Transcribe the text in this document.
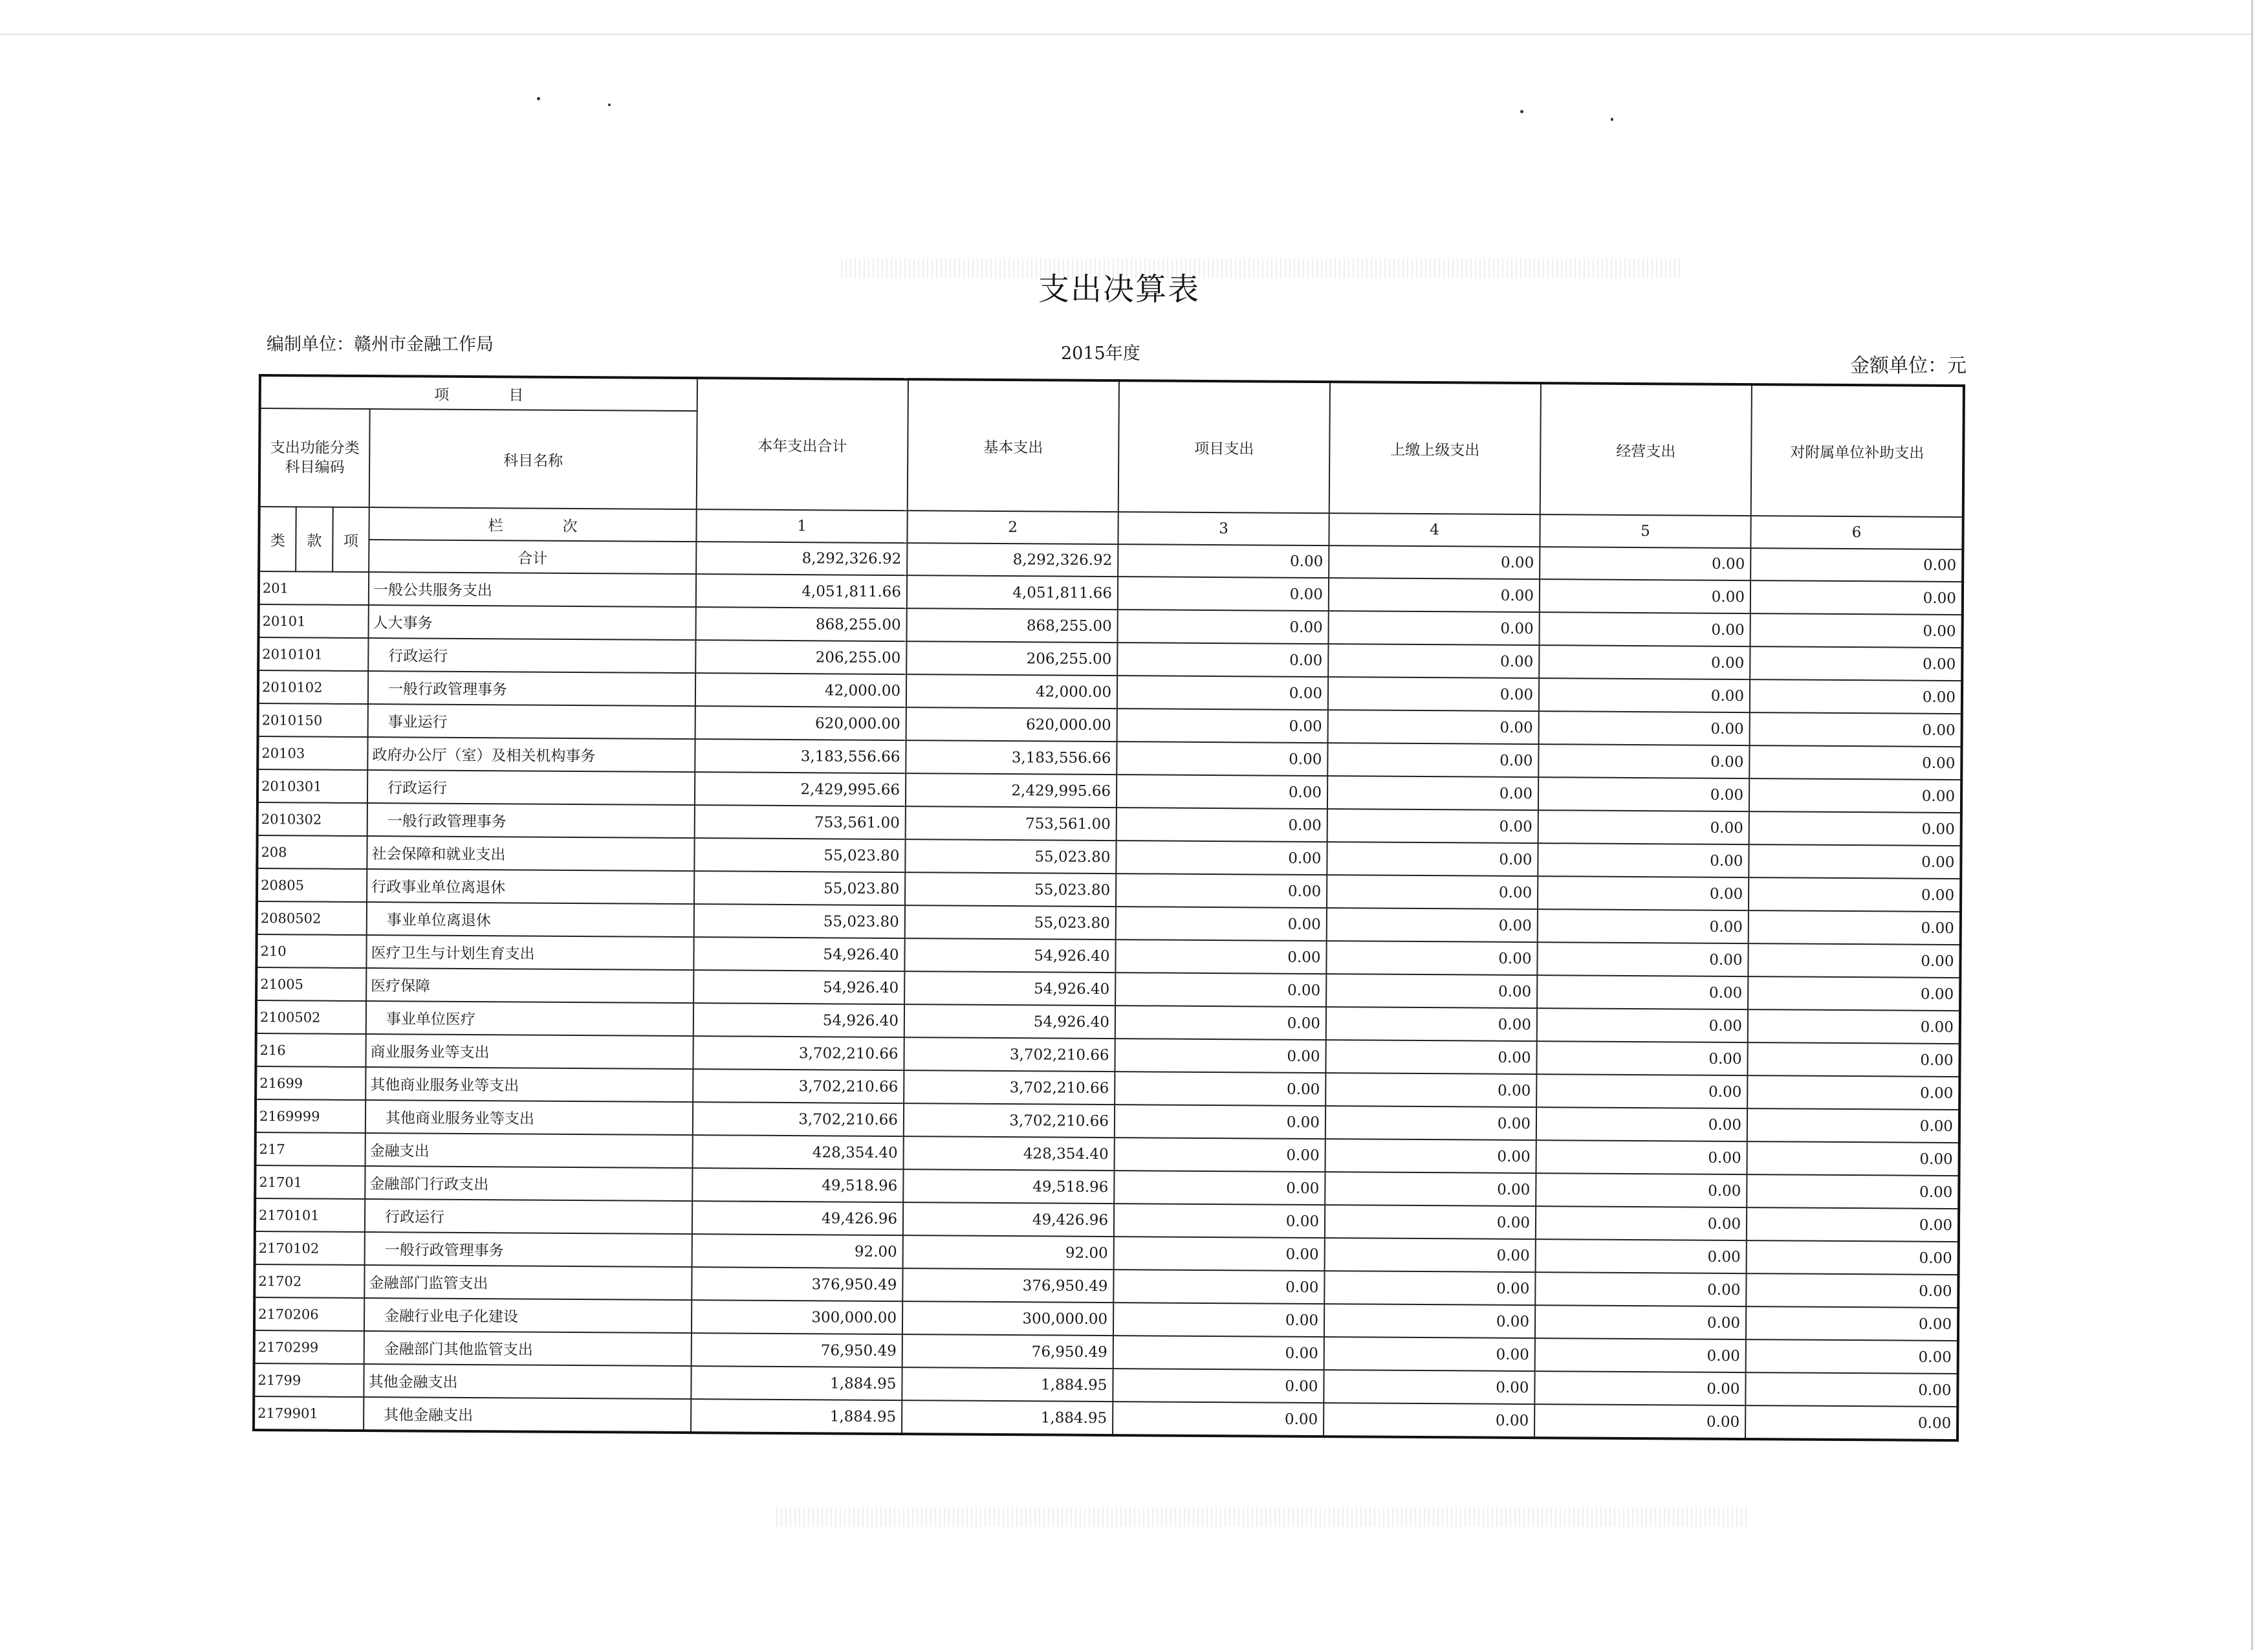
支出决算表
编制单位：赣州市金融工作局	2015年度
金额单位：元
项　　　　目				本年支出合计	基本支出	项目支出	上缴上级支出	经营支出	对附属单位补助支出
支出功能分类科目编码			科目名称						
类	款	项	栏　　　　次	1	2	3	4	5	6
			合计	8,292,326.92	8,292,326.92	0.00	0.00	0.00	0.00
201			一般公共服务支出	4,051,811.66	4,051,811.66	0.00	0.00	0.00	0.00
20101			人大事务	868,255.00	868,255.00	0.00	0.00	0.00	0.00
2010101			行政运行	206,255.00	206,255.00	0.00	0.00	0.00	0.00
2010102			一般行政管理事务	42,000.00	42,000.00	0.00	0.00	0.00	0.00
2010150			事业运行	620,000.00	620,000.00	0.00	0.00	0.00	0.00
20103			政府办公厅（室）及相关机构事务	3,183,556.66	3,183,556.66	0.00	0.00	0.00	0.00
2010301			行政运行	2,429,995.66	2,429,995.66	0.00	0.00	0.00	0.00
2010302			一般行政管理事务	753,561.00	753,561.00	0.00	0.00	0.00	0.00
208			社会保障和就业支出	55,023.80	55,023.80	0.00	0.00	0.00	0.00
20805			行政事业单位离退休	55,023.80	55,023.80	0.00	0.00	0.00	0.00
2080502			事业单位离退休	55,023.80	55,023.80	0.00	0.00	0.00	0.00
210			医疗卫生与计划生育支出	54,926.40	54,926.40	0.00	0.00	0.00	0.00
21005			医疗保障	54,926.40	54,926.40	0.00	0.00	0.00	0.00
2100502			事业单位医疗	54,926.40	54,926.40	0.00	0.00	0.00	0.00
216			商业服务业等支出	3,702,210.66	3,702,210.66	0.00	0.00	0.00	0.00
21699			其他商业服务业等支出	3,702,210.66	3,702,210.66	0.00	0.00	0.00	0.00
2169999			其他商业服务业等支出	3,702,210.66	3,702,210.66	0.00	0.00	0.00	0.00
217			金融支出	428,354.40	428,354.40	0.00	0.00	0.00	0.00
21701			金融部门行政支出	49,518.96	49,518.96	0.00	0.00	0.00	0.00
2170101			行政运行	49,426.96	49,426.96	0.00	0.00	0.00	0.00
2170102			一般行政管理事务	92.00	92.00	0.00	0.00	0.00	0.00
21702			金融部门监管支出	376,950.49	376,950.49	0.00	0.00	0.00	0.00
2170206			金融行业电子化建设	300,000.00	300,000.00	0.00	0.00	0.00	0.00
2170299			金融部门其他监管支出	76,950.49	76,950.49	0.00	0.00	0.00	0.00
21799			其他金融支出	1,884.95	1,884.95	0.00	0.00	0.00	0.00
2179901			其他金融支出	1,884.95	1,884.95	0.00	0.00	0.00	0.00
